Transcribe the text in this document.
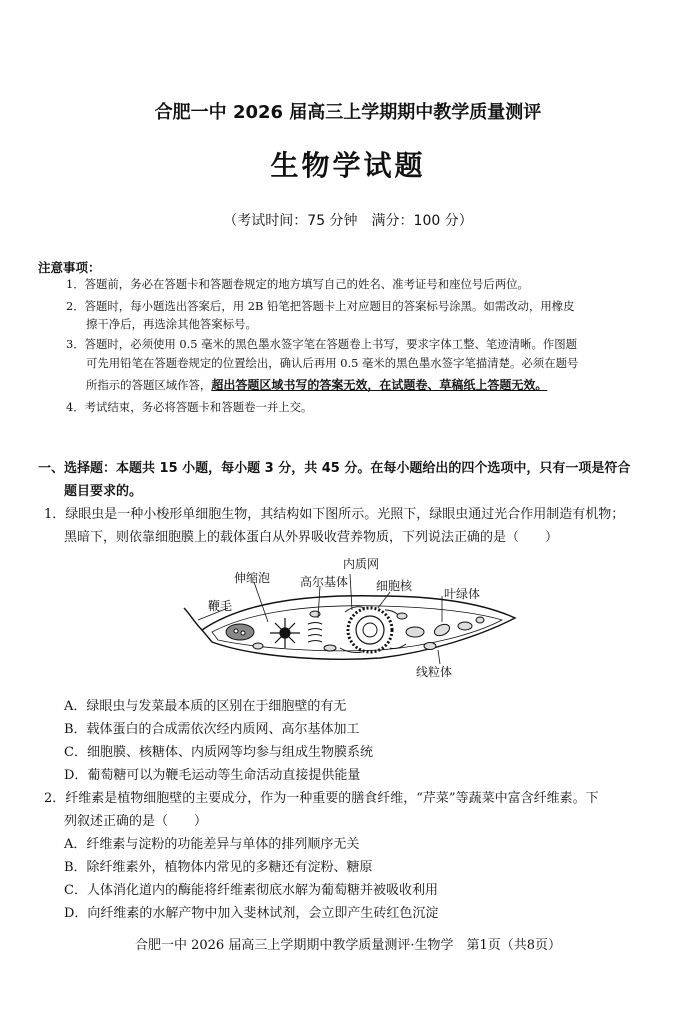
合肥一中 2026 届高三上学期期中教学质量测评
生物学试题
（考试时间：75 分钟　满分：100 分）
注意事项：
1．答题前，务必在答题卡和答题卷规定的地方填写自己的姓名、准考证号和座位号后两位。
2．答题时，每小题选出答案后，用 2B 铅笔把答题卡上对应题目的答案标号涂黑。如需改动，用橡皮
擦干净后，再选涂其他答案标号。
3．答题时，必须使用 0.5 毫米的黑色墨水签字笔在答题卷上书写，要求字体工整、笔迹清晰。作图题
可先用铅笔在答题卷规定的位置绘出，确认后再用 0.5 毫米的黑色墨水签字笔描清楚。必须在题号
所指示的答题区域作答，超出答题区域书写的答案无效，在试题卷、草稿纸上答题无效。
4．考试结束，务必将答题卡和答题卷一并上交。
一、选择题：本题共 15 小题，每小题 3 分，共 45 分。在每小题给出的四个选项中，只有一项是符合
题目要求的。
1．绿眼虫是一种小梭形单细胞生物，其结构如下图所示。光照下，绿眼虫通过光合作用制造有机物；
黑暗下，则依靠细胞膜上的载体蛋白从外界吸收营养物质，下列说法正确的是（　　）
内质网
伸缩泡 高尔基体 细胞核
叶绿体
鞭毛
线粒体
A．绿眼虫与发菜最本质的区别在于细胞壁的有无
B．载体蛋白的合成需依次经内质网、高尔基体加工
C．细胞膜、核糖体、内质网等均参与组成生物膜系统
D．葡萄糖可以为鞭毛运动等生命活动直接提供能量
2．纤维素是植物细胞壁的主要成分，作为一种重要的膳食纤维，“芹菜”等蔬菜中富含纤维素。下
列叙述正确的是（　　）
A．纤维素与淀粉的功能差异与单体的排列顺序无关
B．除纤维素外，植物体内常见的多糖还有淀粉、糖原
C．人体消化道内的酶能将纤维素彻底水解为葡萄糖并被吸收利用
D．向纤维素的水解产物中加入斐林试剂，会立即产生砖红色沉淀
合肥一中 2026 届高三上学期期中教学质量测评·生物学　第1页（共8页）
